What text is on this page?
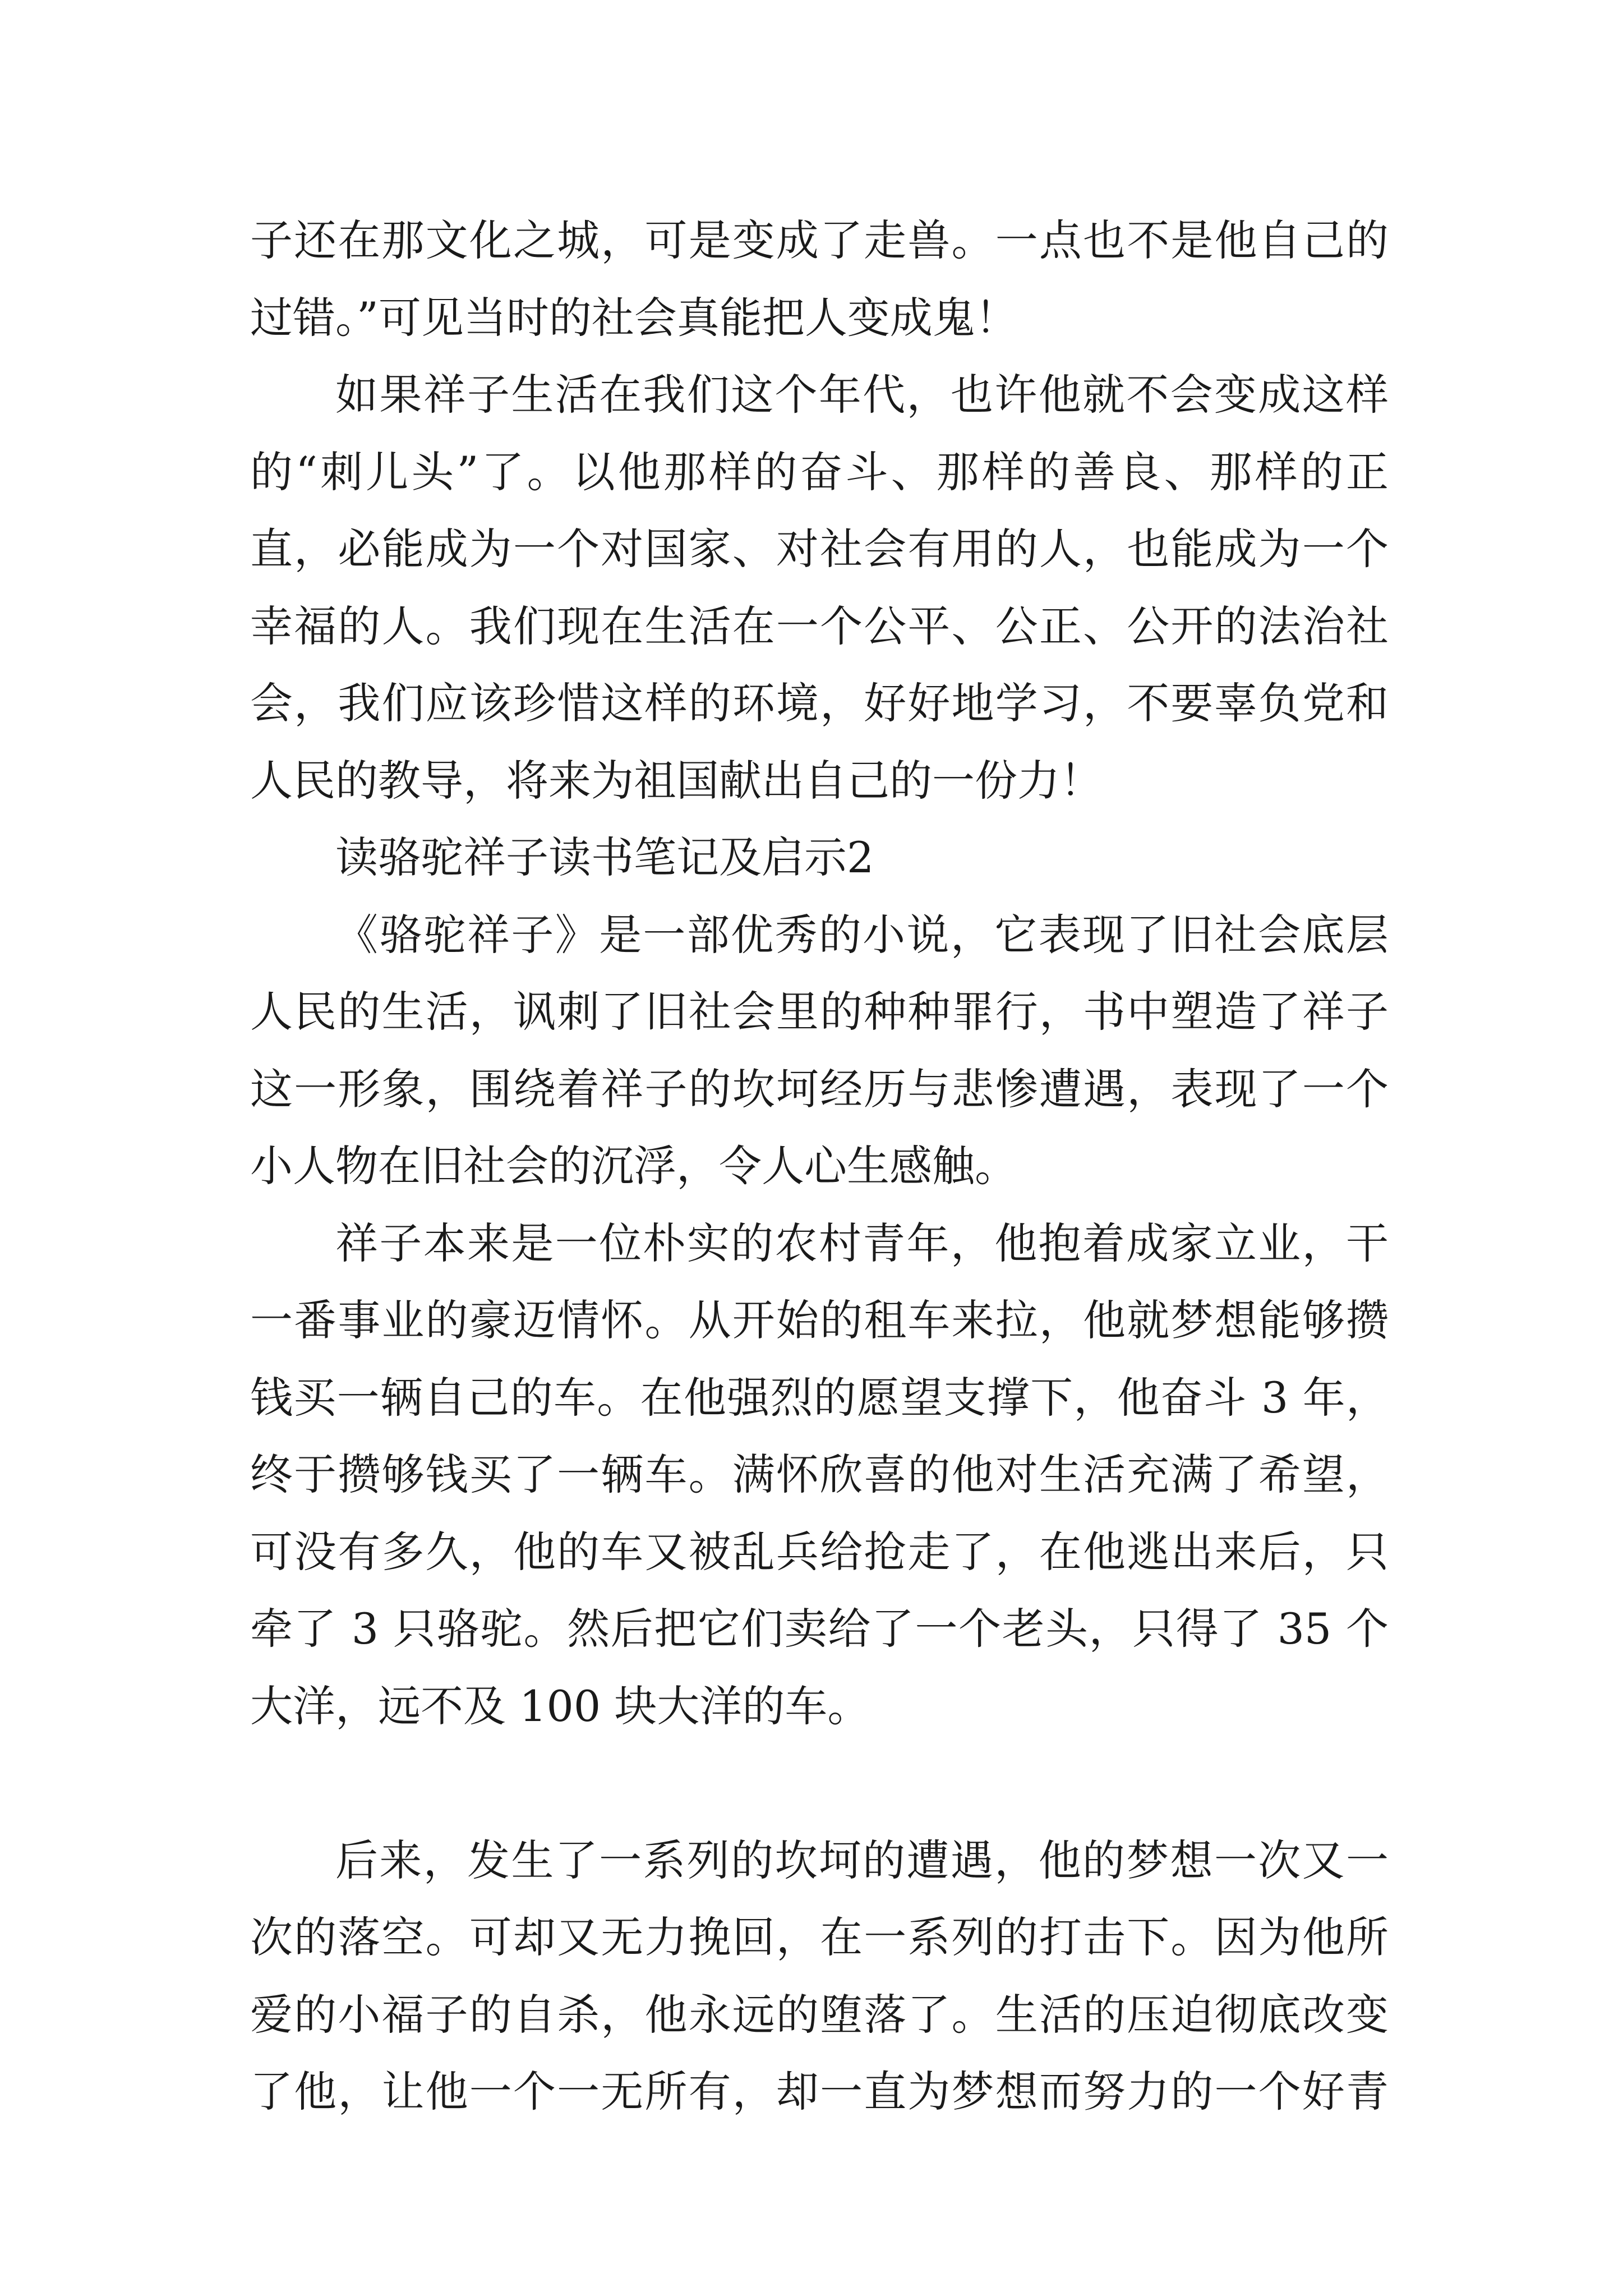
子还在那文化之城，可是变成了走兽。一点也不是他自己的
过错。”可见当时的社会真能把人变成鬼！
如果祥子生活在我们这个年代，也许他就不会变成这样
的“刺儿头”了。以他那样的奋斗、那样的善良、那样的正
直，必能成为一个对国家、对社会有用的人，也能成为一个
幸福的人。我们现在生活在一个公平、公正、公开的法治社
会，我们应该珍惜这样的环境，好好地学习，不要辜负党和
人民的教导，将来为祖国献出自己的一份力！
读骆驼祥子读书笔记及启示2
《骆驼祥子》是一部优秀的小说，它表现了旧社会底层
人民的生活，讽刺了旧社会里的种种罪行，书中塑造了祥子
这一形象，围绕着祥子的坎坷经历与悲惨遭遇，表现了一个
小人物在旧社会的沉浮，令人心生感触。
祥子本来是一位朴实的农村青年，他抱着成家立业，干
一番事业的豪迈情怀。从开始的租车来拉，他就梦想能够攒
钱买一辆自己的车。在他强烈的愿望支撑下，他奋斗 3 年，
终于攒够钱买了一辆车。满怀欣喜的他对生活充满了希望，
可没有多久，他的车又被乱兵给抢走了，在他逃出来后，只
牵了 3 只骆驼。然后把它们卖给了一个老头，只得了 35 个
大洋，远不及 100 块大洋的车。
后来，发生了一系列的坎坷的遭遇，他的梦想一次又一
次的落空。可却又无力挽回，在一系列的打击下。因为他所
爱的小福子的自杀，他永远的堕落了。生活的压迫彻底改变
了他，让他一个一无所有，却一直为梦想而努力的一个好青
